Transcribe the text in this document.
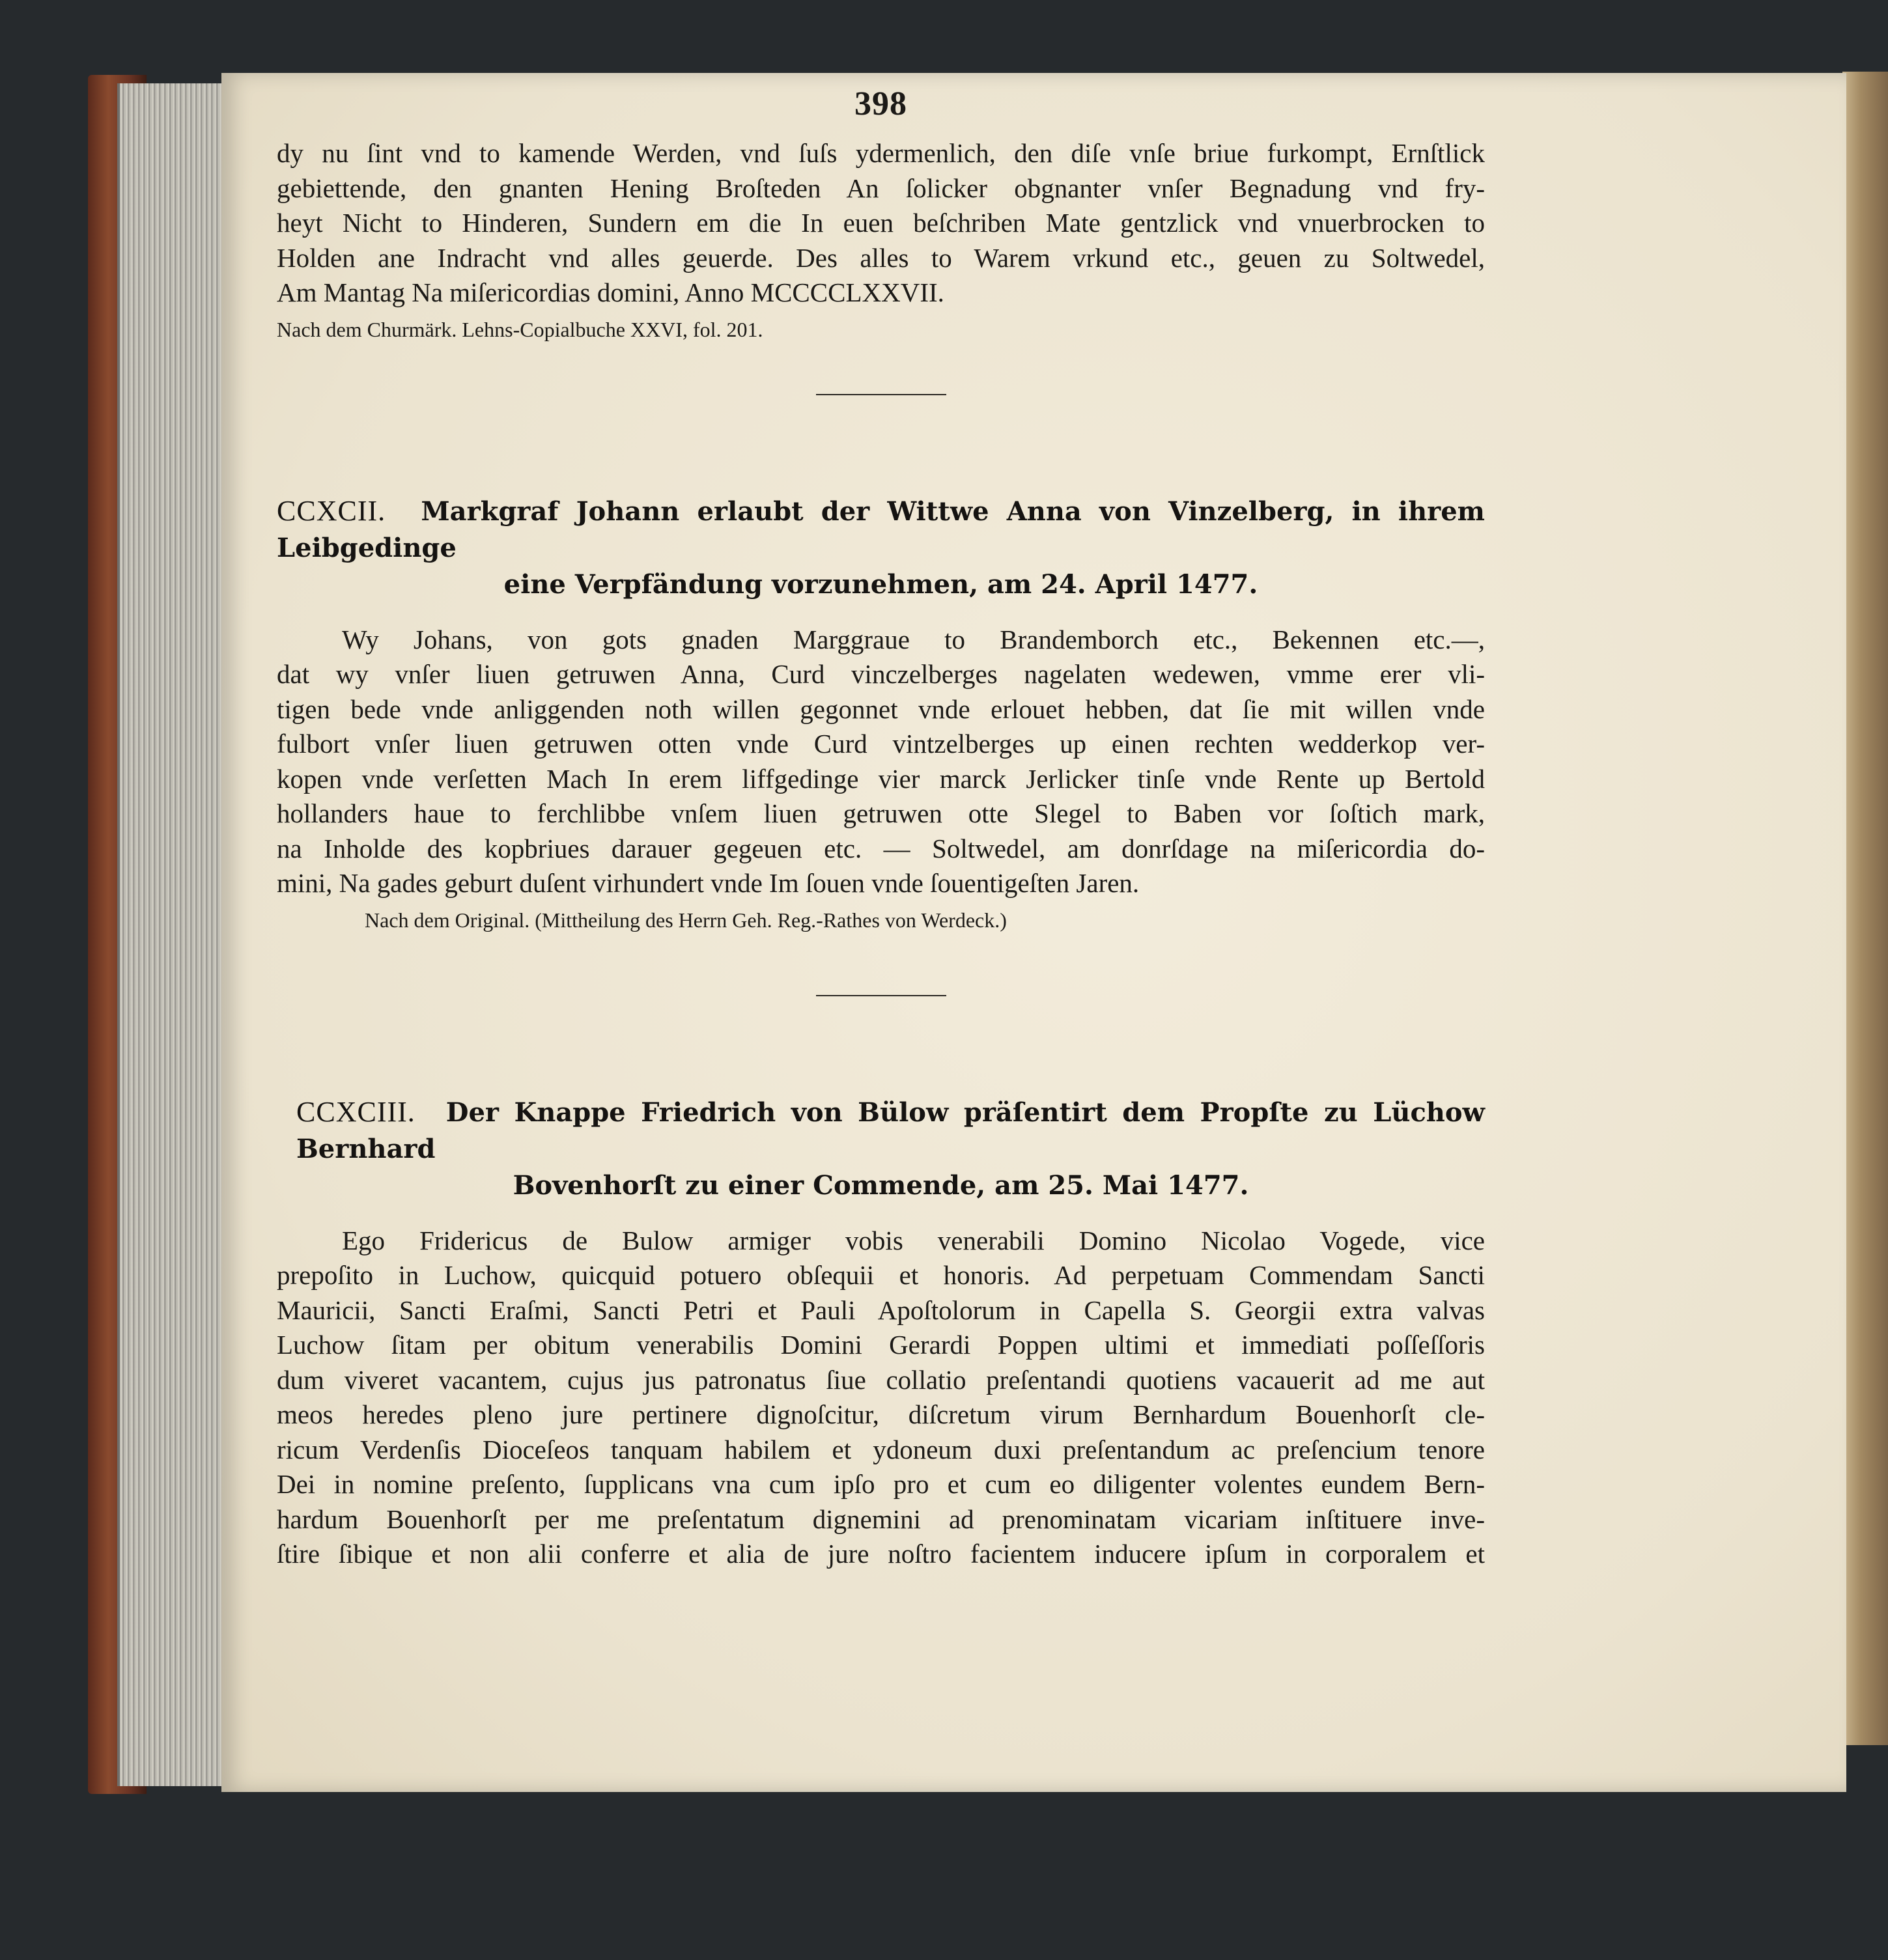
398
dy nu ſint vnd to kamende Werden, vnd ſuſs ydermenlich, den diſe vnſe briue furkompt, Ernſtlick
gebiettende, den gnanten Hening Broſteden An ſolicker obgnanter vnſer Begnadung vnd fry-
heyt Nicht to Hinderen, Sundern em die In euen beſchriben Mate gentzlick vnd vnuerbrocken to
Holden ane Indracht vnd alles geuerde. Des alles to Warem vrkund etc., geuen zu Soltwedel,
Am Mantag Na miſericordias domini, Anno MCCCCLXXVII.
Nach dem Churmärk. Lehns-Copialbuche XXVI, fol. 201.
CCXCII. Markgraf Johann erlaubt der Wittwe Anna von Vinzelberg, in ihrem Leibgedinge
eine Verpfändung vorzunehmen, am 24. April 1477.
Wy Johans, von gots gnaden Marggraue to Brandemborch etc., Bekennen etc.—,
dat wy vnſer liuen getruwen Anna, Curd vinczelberges nagelaten wedewen, vmme erer vli-
tigen bede vnde anliggenden noth willen gegonnet vnde erlouet hebben, dat ſie mit willen vnde
fulbort vnſer liuen getruwen otten vnde Curd vintzelberges up einen rechten wedderkop ver-
kopen vnde verſetten Mach In erem liffgedinge vier marck Jerlicker tinſe vnde Rente up Bertold
hollanders haue to ferchlibbe vnſem liuen getruwen otte Slegel to Baben vor ſoſtich mark,
na Inholde des kopbriues darauer gegeuen etc. — Soltwedel, am donrſdage na miſericordia do-
mini, Na gades geburt duſent virhundert vnde Im ſouen vnde ſouentigeſten Jaren.
Nach dem Original. (Mittheilung des Herrn Geh. Reg.-Rathes von Werdeck.)
CCXCIII. Der Knappe Friedrich von Bülow präſentirt dem Propſte zu Lüchow Bernhard
Bovenhorſt zu einer Commende, am 25. Mai 1477.
Ego Fridericus de Bulow armiger vobis venerabili Domino Nicolao Vogede, vice
prepoſito in Luchow, quicquid potuero obſequii et honoris. Ad perpetuam Commendam Sancti
Mauricii, Sancti Eraſmi, Sancti Petri et Pauli Apoſtolorum in Capella S. Georgii extra valvas
Luchow ſitam per obitum venerabilis Domini Gerardi Poppen ultimi et immediati poſſeſſoris
dum viveret vacantem, cujus jus patronatus ſiue collatio preſentandi quotiens vacauerit ad me aut
meos heredes pleno jure pertinere dignoſcitur, diſcretum virum Bernhardum Bouenhorſt cle-
ricum Verdenſis Dioceſeos tanquam habilem et ydoneum duxi preſentandum ac preſencium tenore
Dei in nomine preſento, ſupplicans vna cum ipſo pro et cum eo diligenter volentes eundem Bern-
hardum Bouenhorſt per me preſentatum dignemini ad prenominatam vicariam inſtituere inve-
ſtire ſibique et non alii conferre et alia de jure noſtro facientem inducere ipſum in corporalem et
